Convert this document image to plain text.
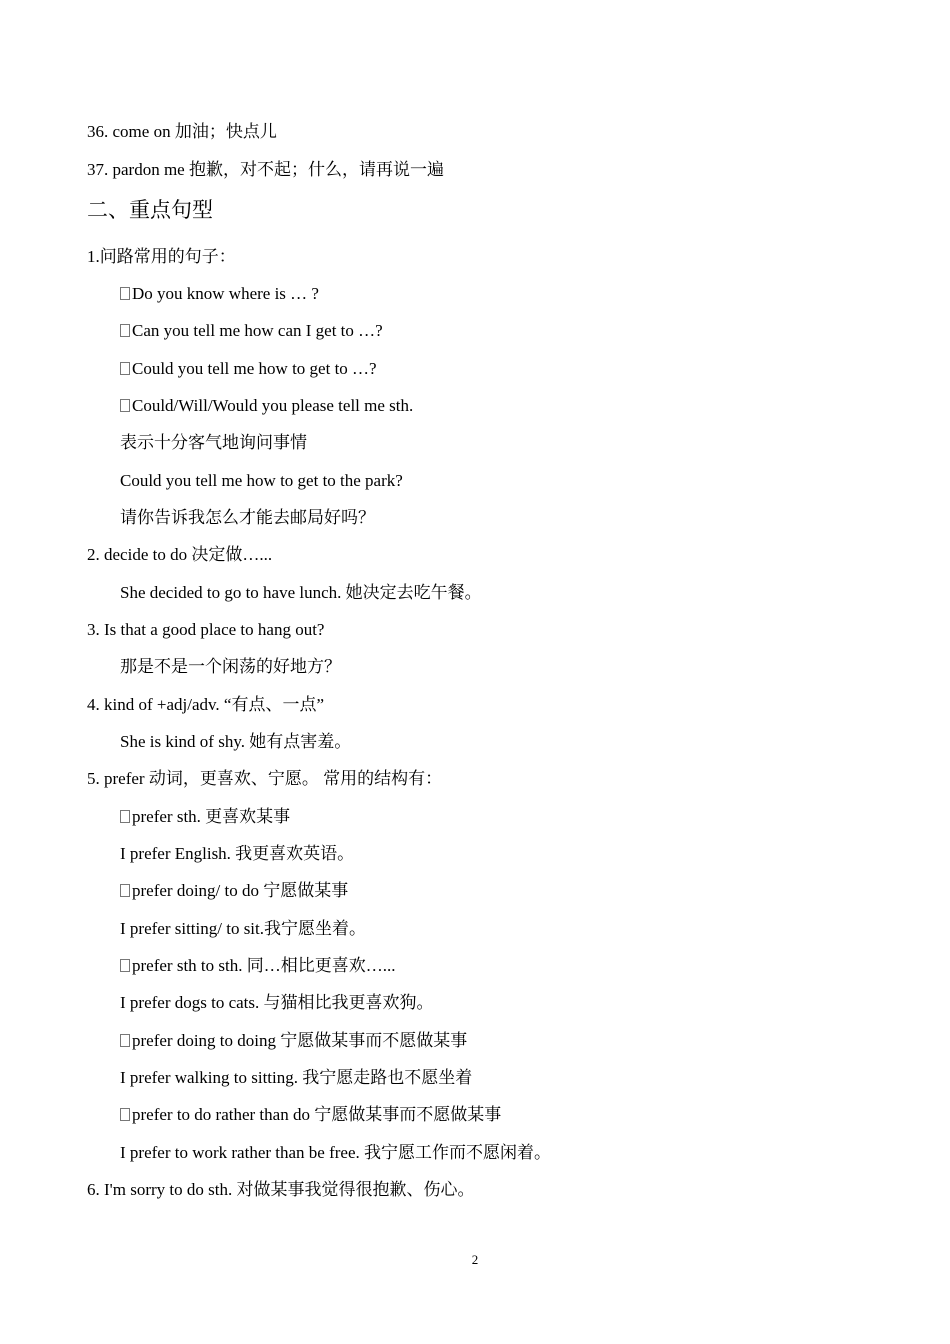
36. come on 加油；快点儿
37. pardon me 抱歉，对不起；什么，请再说一遍
二、重点句型
1.问路常用的句子：
Do you know where is … ?
Can you tell me how can I get to …?
Could you tell me how to get to …?
Could/Will/Would you please tell me sth.
表示十分客气地询问事情
Could you tell me how to get to the park?
请你告诉我怎么才能去邮局好吗？
2. decide to do 决定做…...
She decided to go to have lunch. 她决定去吃午餐。
3. Is that a good place to hang out?
那是不是一个闲荡的好地方？
4. kind of +adj/adv. “有点、一点”
She is kind of shy. 她有点害羞。
5. prefer 动词，更喜欢、宁愿。 常用的结构有：
prefer sth. 更喜欢某事
I prefer English. 我更喜欢英语。
prefer doing/ to do 宁愿做某事
I prefer sitting/ to sit.我宁愿坐着。
prefer sth to sth. 同…相比更喜欢…...
I prefer dogs to cats. 与猫相比我更喜欢狗。
prefer doing to doing 宁愿做某事而不愿做某事
I prefer walking to sitting. 我宁愿走路也不愿坐着
prefer to do rather than do 宁愿做某事而不愿做某事
I prefer to work rather than be free. 我宁愿工作而不愿闲着。
6. I'm sorry to do sth. 对做某事我觉得很抱歉、伤心。
2
